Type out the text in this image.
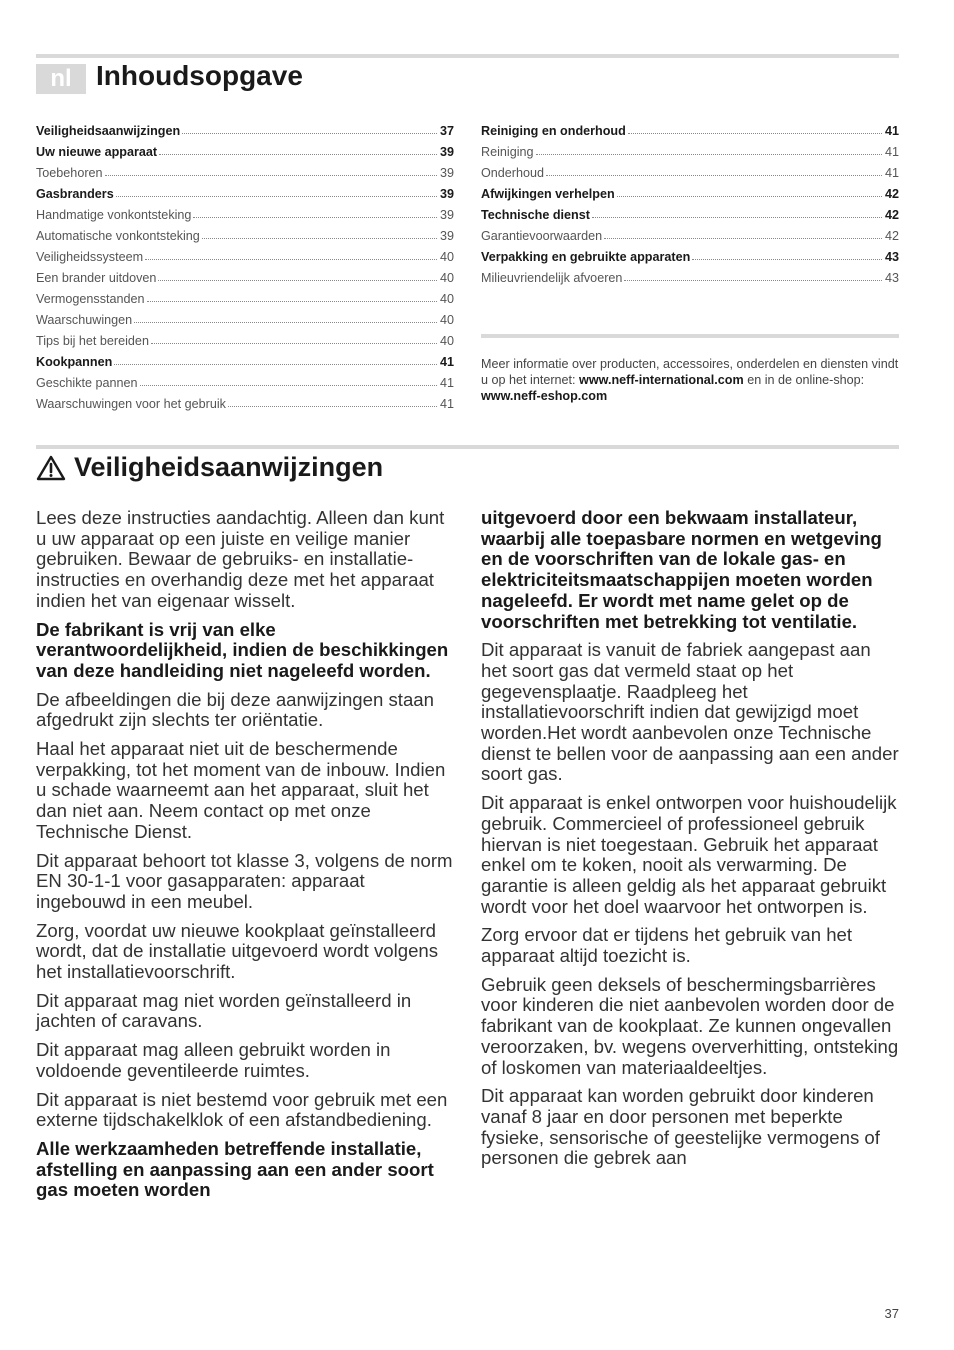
nl Inhoudsopgave
Veiligheidsaanwijzingen	37
Uw nieuwe apparaat	39
Toebehoren	39
Gasbranders	39
Handmatige vonkontsteking	39
Automatische vonkontsteking	39
Veiligheidssysteem	40
Een brander uitdoven	40
Vermogensstanden	40
Waarschuwingen	40
Tips bij het bereiden	40
Kookpannen	41
Geschikte pannen	41
Waarschuwingen voor het gebruik	41
Reiniging en onderhoud	41
Reiniging	41
Onderhoud	41
Afwijkingen verhelpen	42
Technische dienst	42
Garantievoorwaarden	42
Verpakking en gebruikte apparaten	43
Milieuvriendelijk afvoeren	43
Meer informatie over producten, accessoires, onderdelen en diensten vindt u op het internet: www.neff-international.com en in de online-shop: www.neff-eshop.com
Veiligheidsaanwijzingen

Lees deze instructies aandachtig. Alleen dan kunt u uw apparaat op een juiste en veilige manier gebruiken. Bewaar de gebruiks- en installatie-instructies en overhandig deze met het apparaat indien het van eigenaar wisselt.

De fabrikant is vrij van elke verantwoordelijkheid, indien de beschikkingen van deze handleiding niet nageleefd worden.

De afbeeldingen die bij deze aanwijzingen staan afgedrukt zijn slechts ter oriëntatie.

Haal het apparaat niet uit de beschermende verpakking, tot het moment van de inbouw. Indien u schade waarneemt aan het apparaat, sluit het dan niet aan. Neem contact op met onze Technische Dienst.

Dit apparaat behoort tot klasse 3, volgens de norm EN 30-1-1 voor gasapparaten: apparaat ingebouwd in een meubel.

Zorg, voordat uw nieuwe kookplaat geïnstalleerd wordt, dat de installatie uitgevoerd wordt volgens het installatievoorschrift.

Dit apparaat mag niet worden geïnstalleerd in jachten of caravans.

Dit apparaat mag alleen gebruikt worden in voldoende geventileerde ruimtes.

Dit apparaat is niet bestemd voor gebruik met een externe tijdschakelklok of een afstandbediening.

Alle werkzaamheden betreffende installatie, afstelling en aanpassing aan een ander soort gas moeten worden

uitgevoerd door een bekwaam installateur, waarbij alle toepasbare normen en wetgeving en de voorschriften van de lokale gas- en elektriciteitsmaatschappijen moeten worden nageleefd. Er wordt met name gelet op de voorschriften met betrekking tot ventilatie.

Dit apparaat is vanuit de fabriek aangepast aan het soort gas dat vermeld staat op het gegevensplaatje. Raadpleeg het installatievoorschrift indien dat gewijzigd moet worden.Het wordt aanbevolen onze Technische dienst te bellen voor de aanpassing aan een ander soort gas.

Dit apparaat is enkel ontworpen voor huishoudelijk gebruik. Commercieel of professioneel gebruik hiervan is niet toegestaan. Gebruik het apparaat enkel om te koken, nooit als verwarming. De garantie is alleen geldig als het apparaat gebruikt wordt voor het doel waarvoor het ontworpen is.

Zorg ervoor dat er tijdens het gebruik van het apparaat altijd toezicht is.

Gebruik geen deksels of beschermingsbarrières voor kinderen die niet aanbevolen worden door de fabrikant van de kookplaat. Ze kunnen ongevallen veroorzaken, bv. wegens oververhitting, ontsteking of loskomen van materiaaldeeltjes.

Dit apparaat kan worden gebruikt door kinderen vanaf 8 jaar en door personen met beperkte fysieke, sensorische of geestelijke vermogens of personen die gebrek aan

37
